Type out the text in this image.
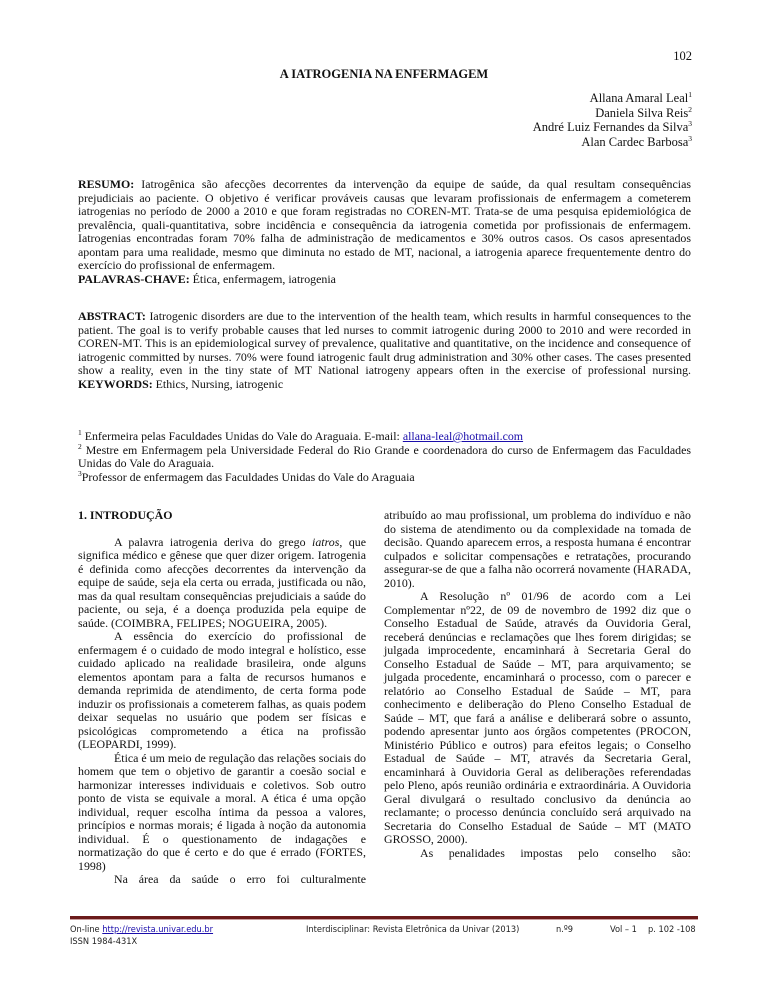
102
A IATROGENIA NA ENFERMAGEM
Allana Amaral Leal$^1$
Daniela Silva Reis$^2$
André Luiz Fernandes da Silva$^3$
Alan Cardec Barbosa$^3$
RESUMO: Iatrogênica são afecções decorrentes da intervenção da equipe de saúde, da qual resultam consequências prejudiciais ao paciente. O objetivo é verificar prováveis causas que levaram profissionais de enfermagem a cometerem iatrogenias no período de 2000 a 2010 e que foram registradas no COREN-MT. Trata-se de uma pesquisa epidemiológica de prevalência, quali-quantitativa, sobre incidência e consequência da iatrogenia cometida por profissionais de enfermagem. Iatrogenias encontradas foram 70% falha de administração de medicamentos e 30% outros casos. Os casos apresentados apontam para uma realidade, mesmo que diminuta no estado de MT, nacional, a iatrogenia aparece frequentemente dentro do exercício do profissional de enfermagem.
PALAVRAS-CHAVE: Ética, enfermagem, iatrogenia
ABSTRACT: Iatrogenic disorders are due to the intervention of the health team, which results in harmful consequences to the patient. The goal is to verify probable causes that led nurses to commit iatrogenic during 2000 to 2010 and were recorded in COREN-MT. This is an epidemiological survey of prevalence, qualitative and quantitative, on the incidence and consequence of iatrogenic committed by nurses. 70% were found iatrogenic fault drug administration and 30% other cases. The cases presented show a reality, even in the tiny state of MT National iatrogeny appears often in the exercise of professional nursing.
KEYWORDS: Ethics, Nursing, iatrogenic

$^1$ Enfermeira pelas Faculdades Unidas do Vale do Araguaia. E-mail: allana-leal@hotmail.com

$^2$ Mestre em Enfermagem pela Universidade Federal do Rio Grande e coordenadora do curso de Enfermagem das Faculdades Unidas do Vale do Araguaia.

$^3$Professor de enfermagem das Faculdades Unidas do Vale do Araguaia

1. INTRODUÇÃO

A palavra iatrogenia deriva do grego iatros, que significa médico e gênese que quer dizer origem. Iatrogenia é definida como afecções decorrentes da intervenção da equipe de saúde, seja ela certa ou errada, justificada ou não, mas da qual resultam consequências prejudiciais a saúde do paciente, ou seja, é a doença produzida pela equipe de saúde. (COIMBRA, FELIPES; NOGUEIRA, 2005).

A essência do exercício do profissional de enfermagem é o cuidado de modo integral e holístico, esse cuidado aplicado na realidade brasileira, onde alguns elementos apontam para a falta de recursos humanos e demanda reprimida de atendimento, de certa forma pode induzir os profissionais a cometerem falhas, as quais podem deixar sequelas no usuário que podem ser físicas e psicológicas comprometendo a ética na profissão (LEOPARDI, 1999).

Ética é um meio de regulação das relações sociais do homem que tem o objetivo de garantir a coesão social e harmonizar interesses individuais e coletivos. Sob outro ponto de vista se equivale a moral. A ética é uma opção individual, requer escolha íntima da pessoa a valores, princípios e normas morais; é ligada à noção da autonomia individual. É o questionamento de indagações e normatização do que é certo e do que é errado (FORTES, 1998)

Na área da saúde o erro foi culturalmente

atribuído ao mau profissional, um problema do indivíduo e não do sistema de atendimento ou da complexidade na tomada de decisão. Quando aparecem erros, a resposta humana é encontrar culpados e solicitar compensações e retratações, procurando assegurar-se de que a falha não ocorrerá novamente (HARADA, 2010).

A Resolução nº 01/96 de acordo com a Lei Complementar nº22, de 09 de novembro de 1992 diz que o Conselho Estadual de Saúde, através da Ouvidoria Geral, receberá denúncias e reclamações que lhes forem dirigidas; se julgada improcedente, encaminhará à Secretaria Geral do Conselho Estadual de Saúde – MT, para arquivamento; se julgada procedente, encaminhará o processo, com o parecer e relatório ao Conselho Estadual de Saúde – MT, para conhecimento e deliberação do Pleno Conselho Estadual de Saúde – MT, que fará a análise e deliberará sobre o assunto, podendo apresentar junto aos órgãos competentes (PROCON, Ministério Público e outros) para efeitos legais; o Conselho Estadual de Saúde – MT, através da Secretaria Geral, encaminhará à Ouvidoria Geral as deliberações referendadas pelo Pleno, após reunião ordinária e extraordinária. A Ouvidoria Geral divulgará o resultado conclusivo da denúncia ao reclamante; o processo denúncia concluído será arquivado na Secretaria do Conselho Estadual de Saúde – MT (MATO GROSSO, 2000).

As penalidades impostas pelo conselho são:

On-line http://revista.univar.edu.br
ISSN 1984-431X
Interdisciplinar: Revista Eletrônica da Univar (2013)	n.º9	Vol – 1 p. 102 -108
